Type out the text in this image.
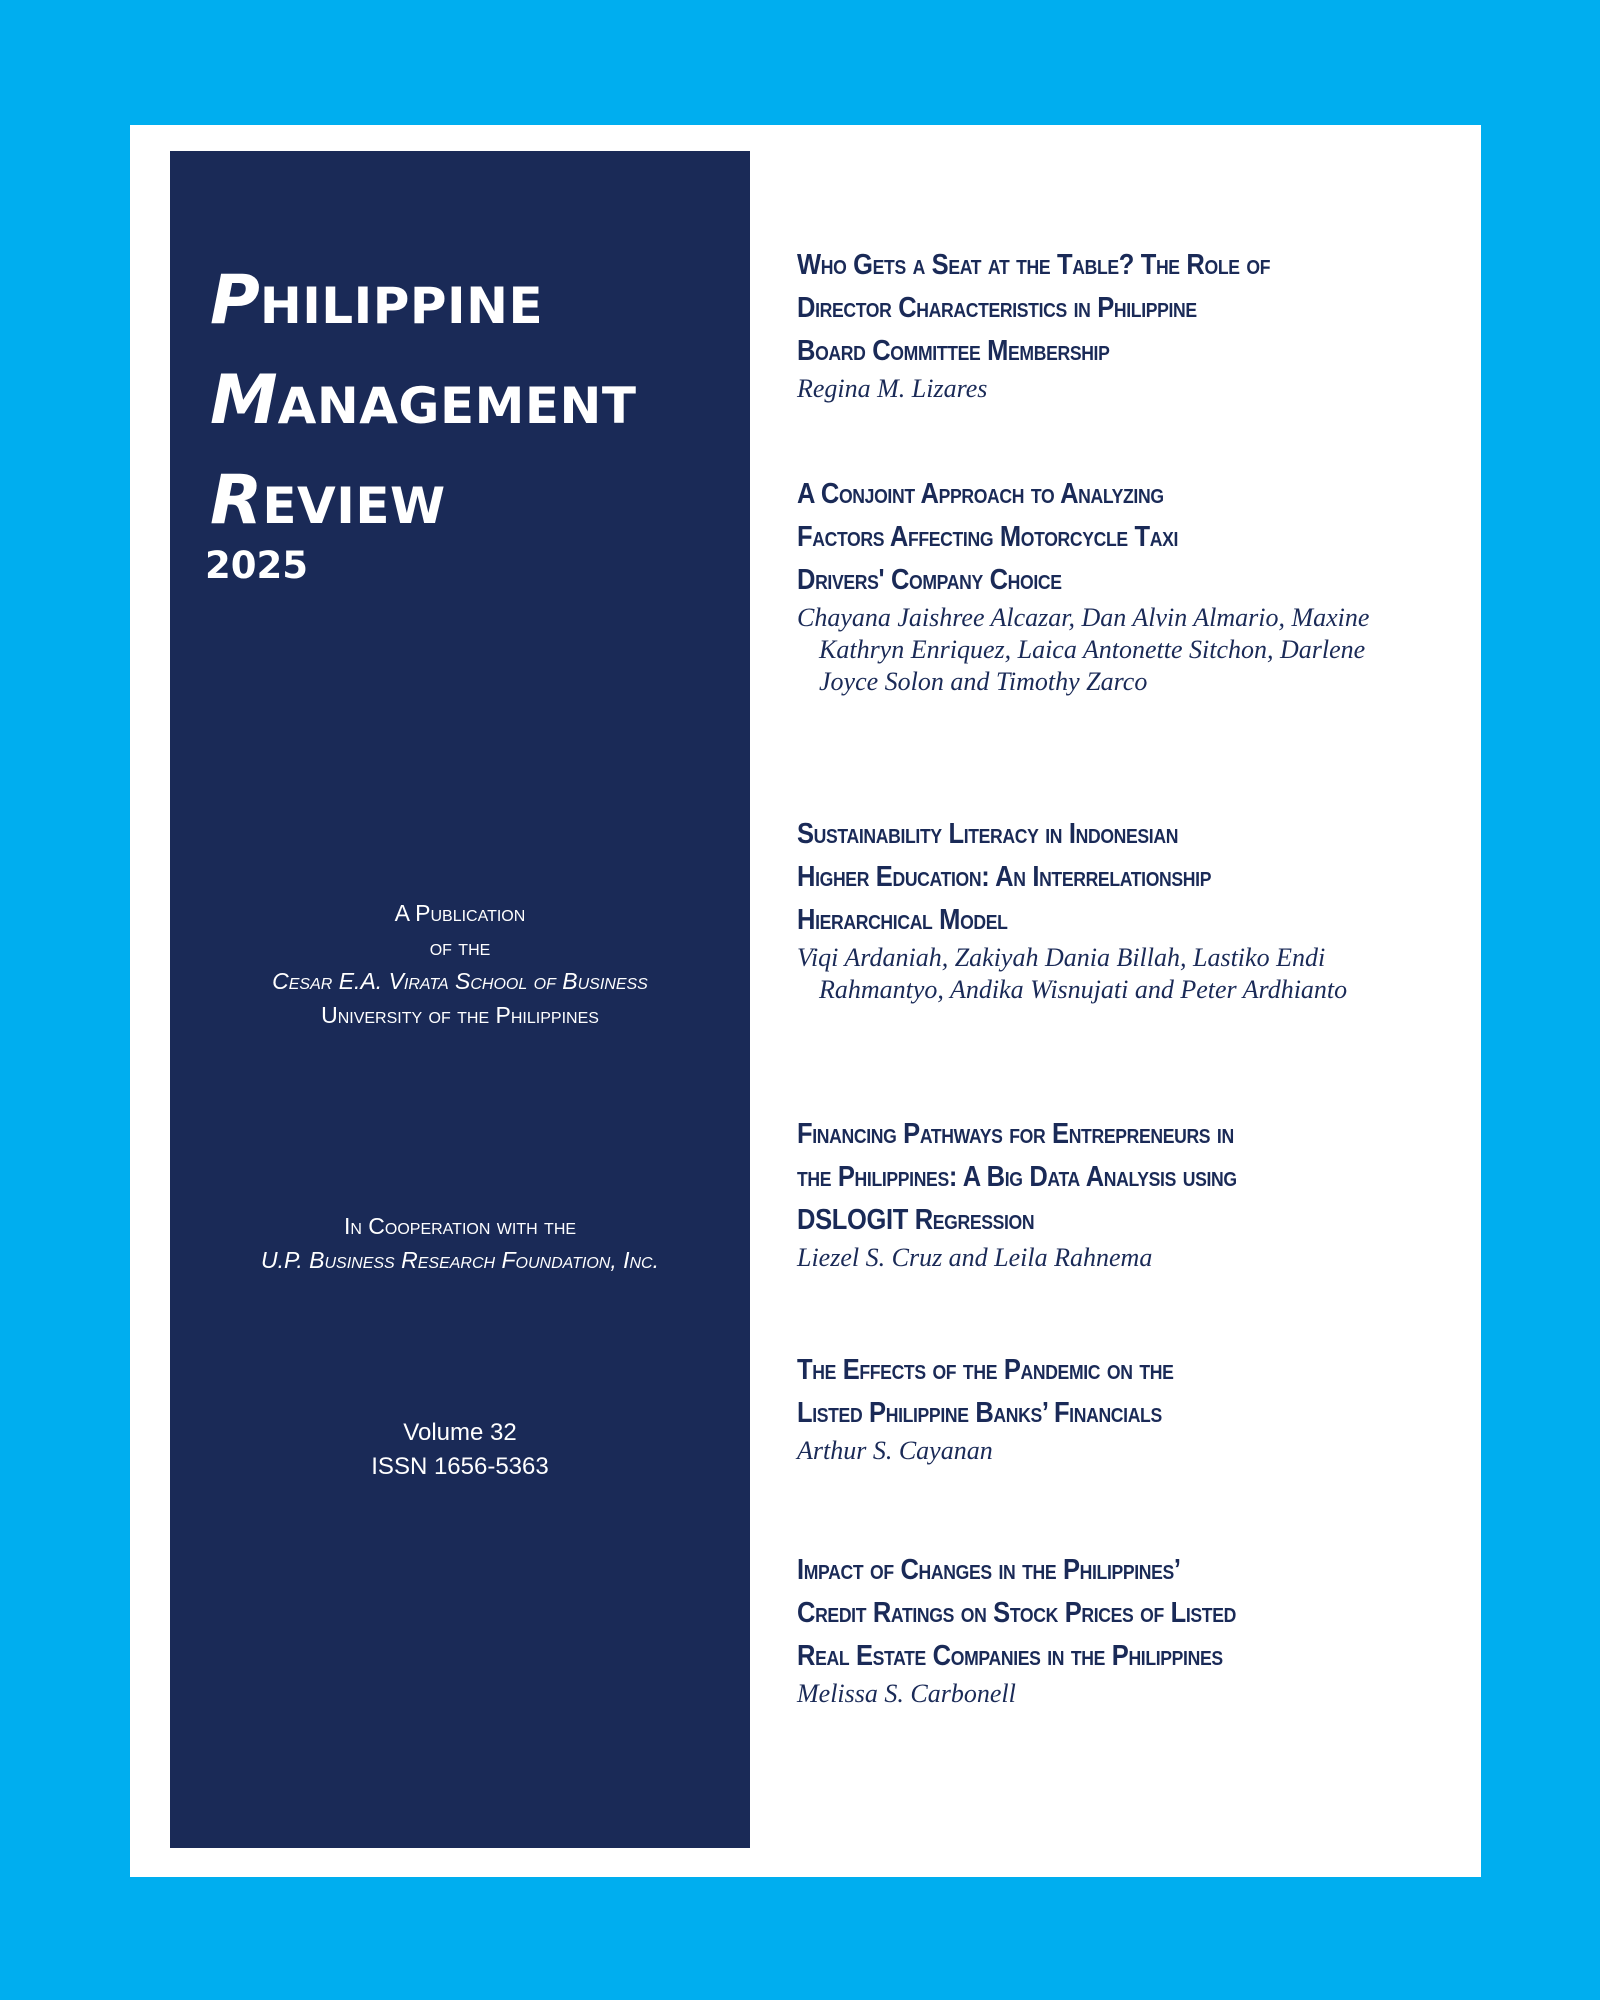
PHILIPPINE
MANAGEMENT
REVIEW
2025
A Publication
of the
Cesar E.A. Virata School of Business
University of the Philippines
In Cooperation with the
U.P. Business Research Foundation, Inc.
Volume 32
ISSN 1656-5363
Who Gets a Seat at the Table? The Role of
Director Characteristics in Philippine
Board Committee Membership
Regina M. Lizares
A Conjoint Approach to Analyzing
Factors Affecting Motorcycle Taxi
Drivers' Company Choice
Chayana Jaishree Alcazar, Dan Alvin Almario, Maxine Kathryn Enriquez, Laica Antonette Sitchon, Darlene Joyce Solon and Timothy Zarco
Sustainability Literacy in Indonesian
Higher Education: An Interrelationship
Hierarchical Model
Viqi Ardaniah, Zakiyah Dania Billah, Lastiko Endi Rahmantyo, Andika Wisnujati and Peter Ardhianto
Financing Pathways for Entrepreneurs in
the Philippines: A Big Data Analysis using
DSLOGIT Regression
Liezel S. Cruz and Leila Rahnema
The Effects of the Pandemic on the
Listed Philippine Banks’ Financials
Arthur S. Cayanan
Impact of Changes in the Philippines’
Credit Ratings on Stock Prices of Listed
Real Estate Companies in the Philippines
Melissa S. Carbonell
